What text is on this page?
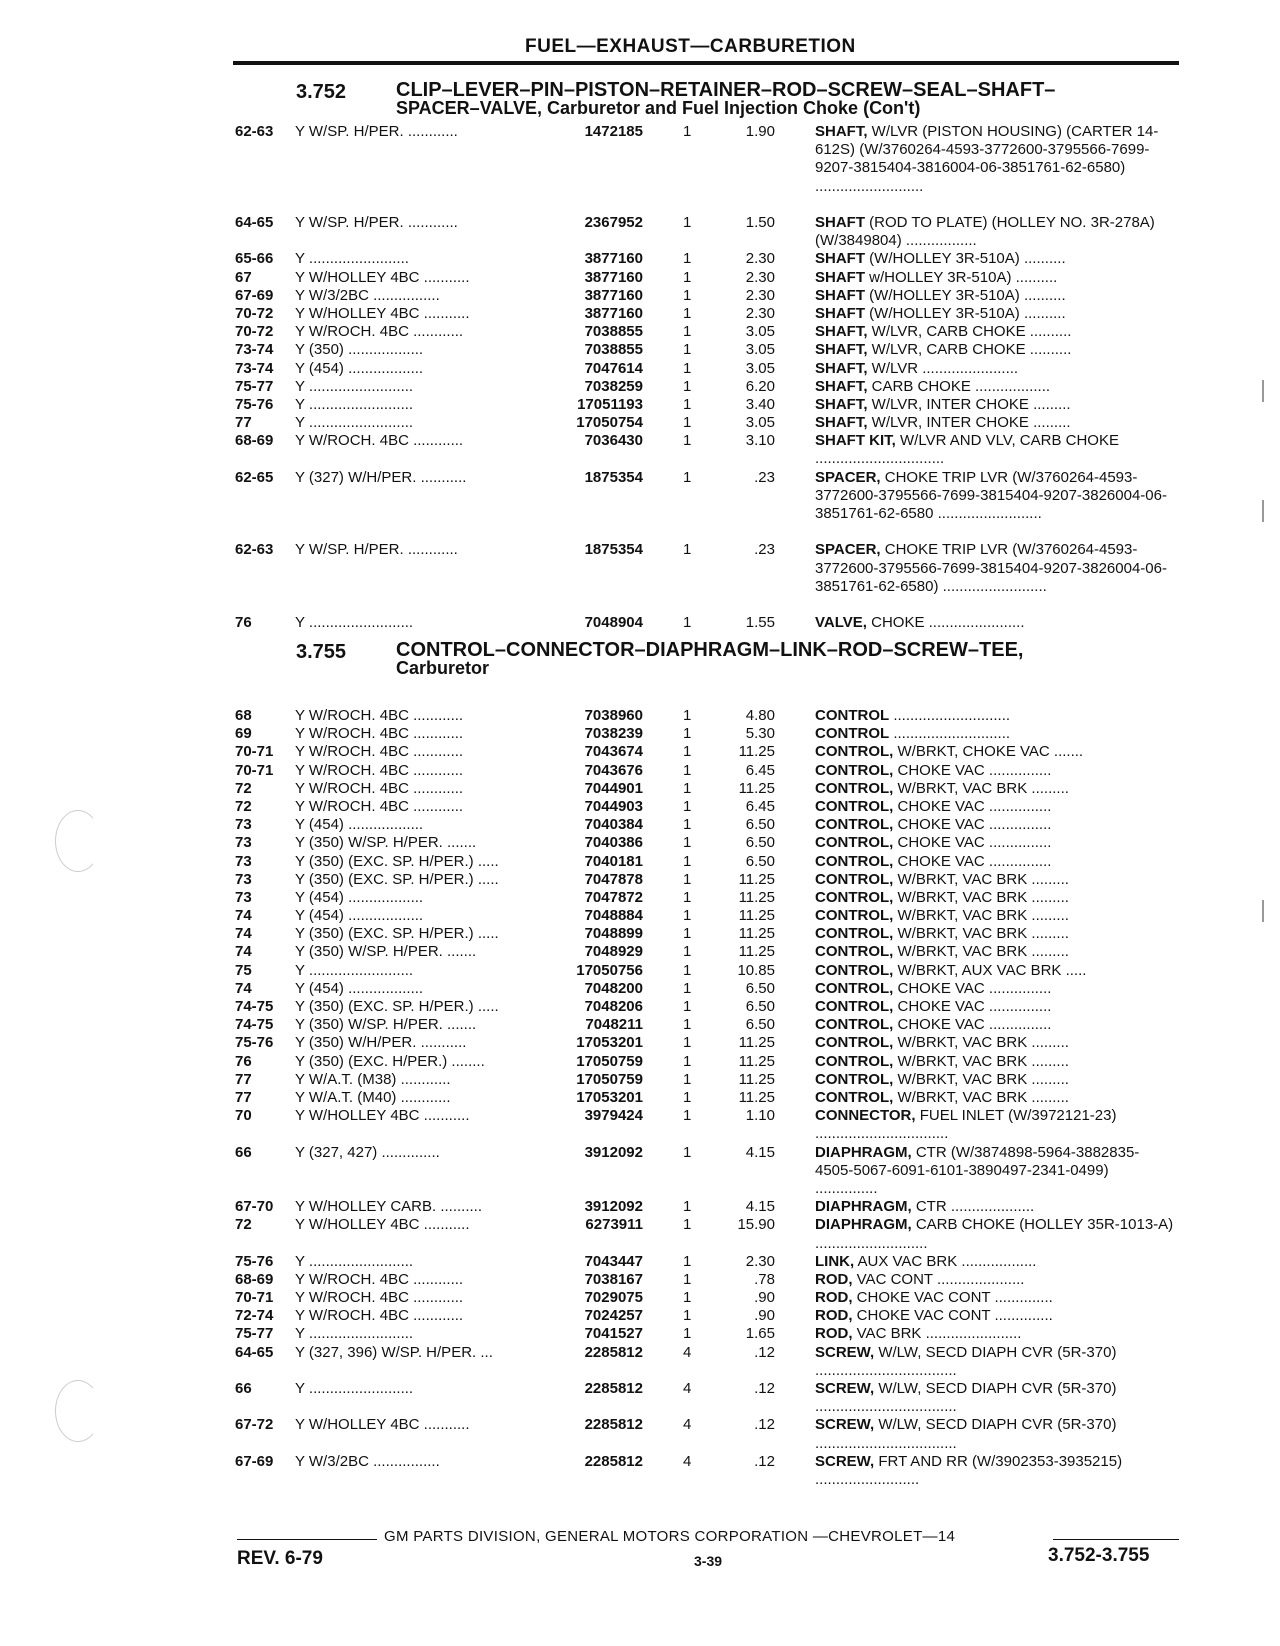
FUEL—EXHAUST—CARBURETION
3.752 CLIP–LEVER–PIN–PISTON–RETAINER–ROD–SCREW–SEAL–SHAFT–
SPACER–VALVE, Carburetor and Fuel Injection Choke (Con't)
62-63	Y W/SP. H/PER. ............	1472185	1	1.90	SHAFT, W/LVR (PISTON HOUSING) (CARTER 14-612S) (W/3760264-4593-3772600-3795566-7699-9207-3815404-3816004-06-3851761-62-6580) ..........................
64-65	Y W/SP. H/PER. ............	2367952	1	1.50	SHAFT (ROD TO PLATE) (HOLLEY NO. 3R-278A) (W/3849804) .................
65-66	Y ........................	3877160	1	2.30	SHAFT (W/HOLLEY 3R-510A) ..........
67	Y W/HOLLEY 4BC ...........	3877160	1	2.30	SHAFT w/HOLLEY 3R-510A) ..........
67-69	Y W/3/2BC ................	3877160	1	2.30	SHAFT (W/HOLLEY 3R-510A) ..........
70-72	Y W/HOLLEY 4BC ...........	3877160	1	2.30	SHAFT (W/HOLLEY 3R-510A) ..........
70-72	Y W/ROCH. 4BC ............	7038855	1	3.05	SHAFT, W/LVR, CARB CHOKE ..........
73-74	Y (350) ..................	7038855	1	3.05	SHAFT, W/LVR, CARB CHOKE ..........
73-74	Y (454) ..................	7047614	1	3.05	SHAFT, W/LVR .......................
75-77	Y .........................	7038259	1	6.20	SHAFT, CARB CHOKE ..................
75-76	Y .........................	17051193	1	3.40	SHAFT, W/LVR, INTER CHOKE .........
77	Y .........................	17050754	1	3.05	SHAFT, W/LVR, INTER CHOKE .........
68-69	Y W/ROCH. 4BC ............	7036430	1	3.10	SHAFT KIT, W/LVR AND VLV, CARB CHOKE ...............................
62-65	Y (327) W/H/PER. ...........	1875354	1	.23	SPACER, CHOKE TRIP LVR (W/3760264-4593-3772600-3795566-7699-3815404-9207-3826004-06-3851761-62-6580 .........................
62-63	Y W/SP. H/PER. ............	1875354	1	.23	SPACER, CHOKE TRIP LVR (W/3760264-4593-3772600-3795566-7699-3815404-9207-3826004-06-3851761-62-6580) .........................
76	Y .........................	7048904	1	1.55	VALVE, CHOKE .......................
3.755 CONTROL–CONNECTOR–DIAPHRAGM–LINK–ROD–SCREW–TEE,
Carburetor
68	Y W/ROCH. 4BC ............	7038960	1	4.80	CONTROL ............................
69	Y W/ROCH. 4BC ............	7038239	1	5.30	CONTROL ............................
70-71	Y W/ROCH. 4BC ............	7043674	1	11.25	CONTROL, W/BRKT, CHOKE VAC .......
70-71	Y W/ROCH. 4BC ............	7043676	1	6.45	CONTROL, CHOKE VAC ...............
72	Y W/ROCH. 4BC ............	7044901	1	11.25	CONTROL, W/BRKT, VAC BRK .........
72	Y W/ROCH. 4BC ............	7044903	1	6.45	CONTROL, CHOKE VAC ...............
73	Y (454) ..................	7040384	1	6.50	CONTROL, CHOKE VAC ...............
73	Y (350) W/SP. H/PER. .......	7040386	1	6.50	CONTROL, CHOKE VAC ...............
73	Y (350) (EXC. SP. H/PER.) .....	7040181	1	6.50	CONTROL, CHOKE VAC ...............
73	Y (350) (EXC. SP. H/PER.) .....	7047878	1	11.25	CONTROL, W/BRKT, VAC BRK .........
73	Y (454) ..................	7047872	1	11.25	CONTROL, W/BRKT, VAC BRK .........
74	Y (454) ..................	7048884	1	11.25	CONTROL, W/BRKT, VAC BRK .........
74	Y (350) (EXC. SP. H/PER.) .....	7048899	1	11.25	CONTROL, W/BRKT, VAC BRK .........
74	Y (350) W/SP. H/PER. .......	7048929	1	11.25	CONTROL, W/BRKT, VAC BRK .........
75	Y .........................	17050756	1	10.85	CONTROL, W/BRKT, AUX VAC BRK .....
74	Y (454) ..................	7048200	1	6.50	CONTROL, CHOKE VAC ...............
74-75	Y (350) (EXC. SP. H/PER.) .....	7048206	1	6.50	CONTROL, CHOKE VAC ...............
74-75	Y (350) W/SP. H/PER. .......	7048211	1	6.50	CONTROL, CHOKE VAC ...............
75-76	Y (350) W/H/PER. ...........	17053201	1	11.25	CONTROL, W/BRKT, VAC BRK .........
76	Y (350) (EXC. H/PER.) ........	17050759	1	11.25	CONTROL, W/BRKT, VAC BRK .........
77	Y W/A.T. (M38) ............	17050759	1	11.25	CONTROL, W/BRKT, VAC BRK .........
77	Y W/A.T. (M40) ............	17053201	1	11.25	CONTROL, W/BRKT, VAC BRK .........
70	Y W/HOLLEY 4BC ...........	3979424	1	1.10	CONNECTOR, FUEL INLET (W/3972121-23) ................................
66	Y (327, 427) ..............	3912092	1	4.15	DIAPHRAGM, CTR (W/3874898-5964-3882835-4505-5067-6091-6101-3890497-2341-0499) ...............
67-70	Y W/HOLLEY CARB. ..........	3912092	1	4.15	DIAPHRAGM, CTR ....................
72	Y W/HOLLEY 4BC ...........	6273911	1	15.90	DIAPHRAGM, CARB CHOKE (HOLLEY 35R-1013-A) ...........................
75-76	Y .........................	7043447	1	2.30	LINK, AUX VAC BRK ..................
68-69	Y W/ROCH. 4BC ............	7038167	1	.78	ROD, VAC CONT .....................
70-71	Y W/ROCH. 4BC ............	7029075	1	.90	ROD, CHOKE VAC CONT ..............
72-74	Y W/ROCH. 4BC ............	7024257	1	.90	ROD, CHOKE VAC CONT ..............
75-77	Y .........................	7041527	1	1.65	ROD, VAC BRK .......................
64-65	Y (327, 396) W/SP. H/PER. ...	2285812	4	.12	SCREW, W/LW, SECD DIAPH CVR (5R-370) ..................................
66	Y .........................	2285812	4	.12	SCREW, W/LW, SECD DIAPH CVR (5R-370) ..................................
67-72	Y W/HOLLEY 4BC ...........	2285812	4	.12	SCREW, W/LW, SECD DIAPH CVR (5R-370) ..................................
67-69	Y W/3/2BC ................	2285812	4	.12	SCREW, FRT AND RR (W/3902353-3935215) .........................
GM PARTS DIVISION, GENERAL MOTORS CORPORATION —CHEVROLET—14
REV. 6-79	3-39	3.752-3.755
